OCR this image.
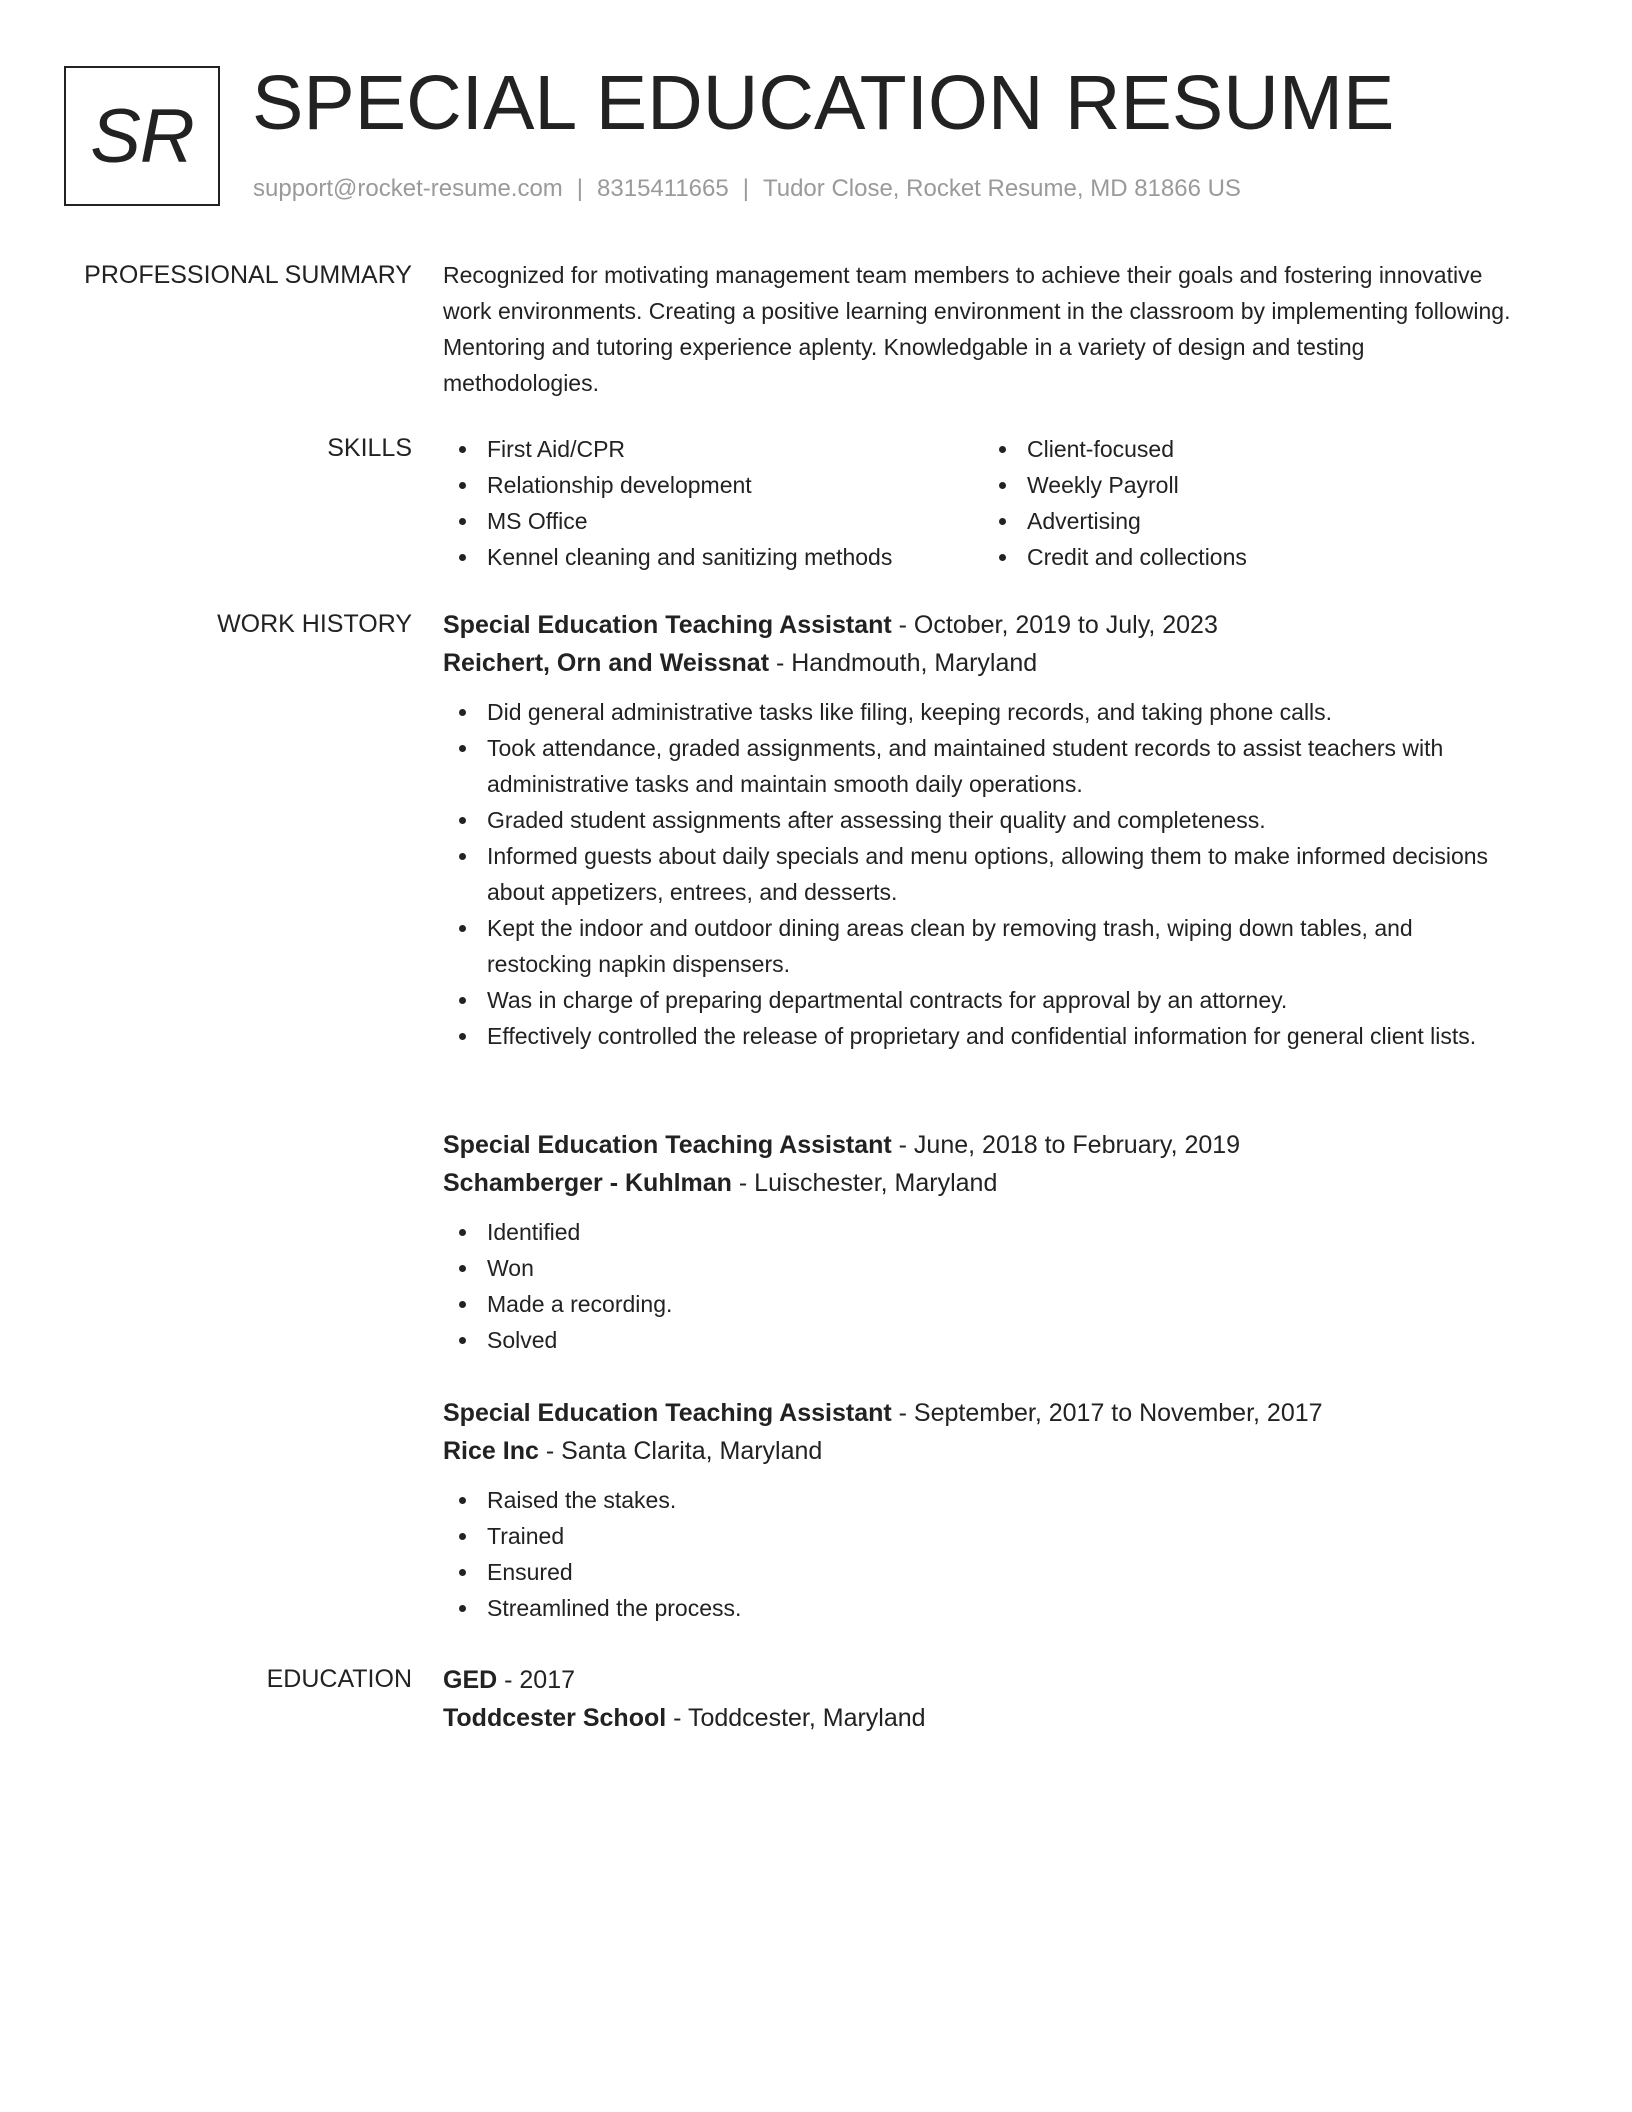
SR SPECIAL EDUCATION RESUME
support@rocket-resume.com | 8315411665 | Tudor Close, Rocket Resume, MD 81866 US
PROFESSIONAL SUMMARY Recognized for motivating management team members to achieve their goals and fostering innovative work environments. Creating a positive learning environment in the classroom by implementing following. Mentoring and tutoring experience aplenty. Knowledgable in a variety of design and testing methodologies.

SKILLS	First Aid/CPR
Relationship development
MS Office
Kennel cleaning and sanitizing methods
Client-focused
Weekly Payroll
Advertising
Credit and collections
WORK HISTORY Special Education Teaching Assistant - October, 2019 to July, 2023
Reichert, Orn and Weissnat - Handmouth, Maryland
Did general administrative tasks like filing, keeping records, and taking phone calls.
Took attendance, graded assignments, and maintained student records to assist teachers with administrative tasks and maintain smooth daily operations.
Graded student assignments after assessing their quality and completeness.
Informed guests about daily specials and menu options, allowing them to make informed decisions about appetizers, entrees, and desserts.
Kept the indoor and outdoor dining areas clean by removing trash, wiping down tables, and restocking napkin dispensers.
Was in charge of preparing departmental contracts for approval by an attorney.
Effectively controlled the release of proprietary and confidential information for general client lists.
Special Education Teaching Assistant - June, 2018 to February, 2019
Schamberger - Kuhlman - Luischester, Maryland
Identified
Won
Made a recording.
Solved
Special Education Teaching Assistant - September, 2017 to November, 2017
Rice Inc - Santa Clarita, Maryland
Raised the stakes.
Trained
Ensured
Streamlined the process.
EDUCATION GED - 2017
Toddcester School - Toddcester, Maryland
